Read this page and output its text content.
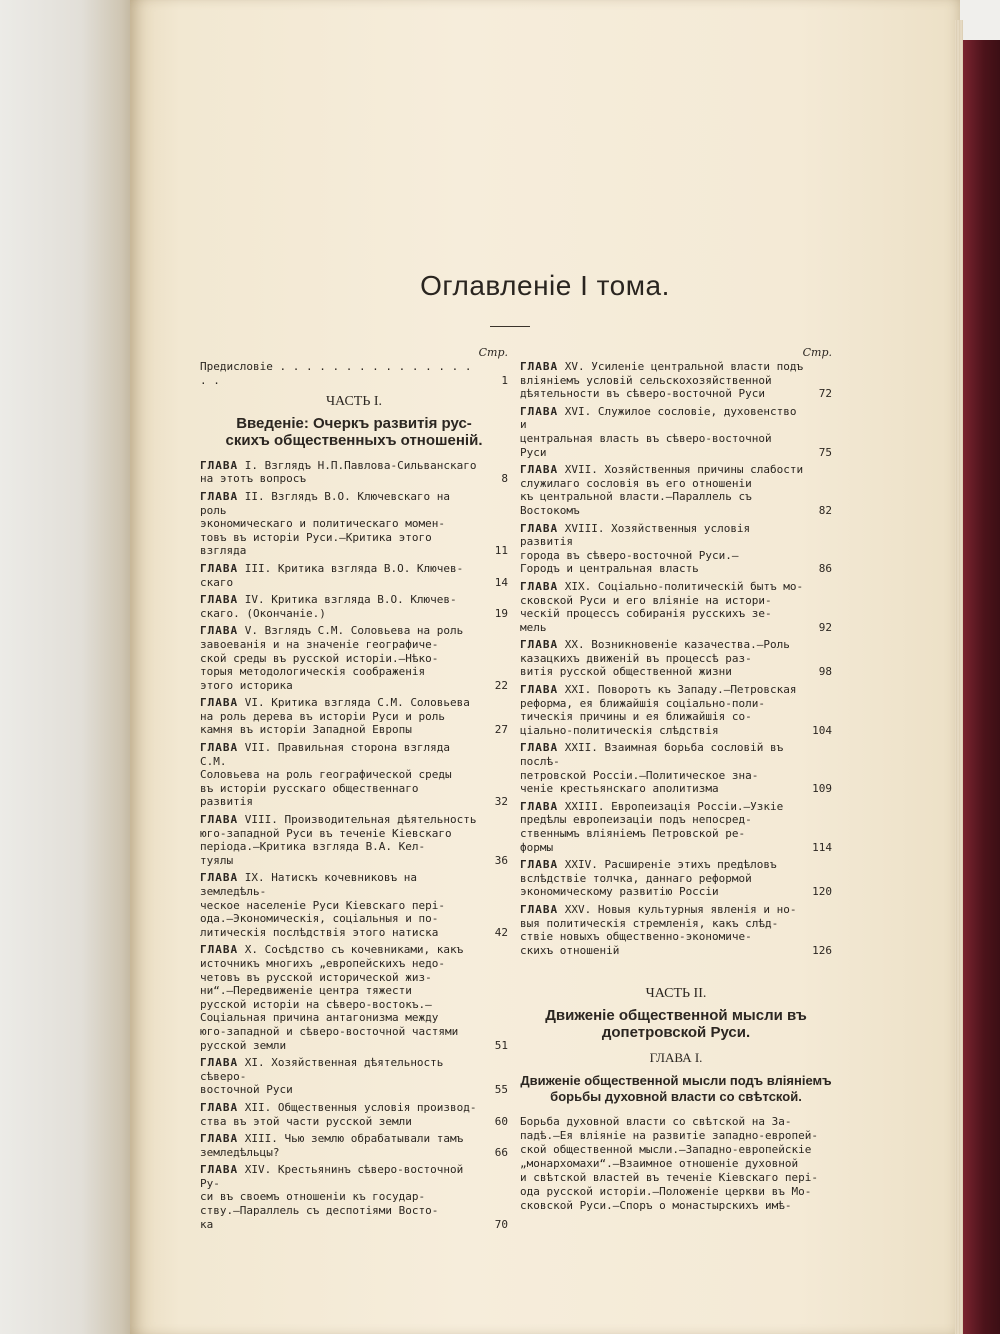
Оглавленіе I тома.
Стр.
Предисловіе . . . . . . . . . . . . . . . . .	1
ЧАСТЬ I.
Введеніе: Очеркъ развитія рус-
скихъ общественныхъ отношеній.
ГЛАВА I. Взглядъ Н.П.Павлова-Сильванскаго
на этотъ вопросъ	8
ГЛАВА II. Взглядъ В.О. Ключевскаго на роль
экономическаго и политическаго момен-
товъ въ исторіи Руси.—Критика этого
взгляда	11
ГЛАВА III. Критика взгляда В.О. Ключев-
скаго	14
ГЛАВА IV. Критика взгляда В.О. Ключев-
скаго. (Окончаніе.)	19
ГЛАВА V. Взглядъ С.М. Соловьева на роль
завоеванія и на значеніе географиче-
ской среды въ русской исторіи.—Нѣко-
торыя методологическія соображенія
этого историка	22
ГЛАВА VI. Критика взгляда С.М. Соловьева
на роль дерева въ исторіи Руси и роль
камня въ исторіи Западной Европы	27
ГЛАВА VII. Правильная сторона взгляда С.М.
Соловьева на роль географической среды
въ исторіи русскаго общественнаго
развитія	32
ГЛАВА VIII. Производительная дѣятельность
юго-западной Руси въ теченіе Кіевскаго
періода.—Критика взгляда В.А. Кел-
туялы	36
ГЛАВА IX. Натискъ кочевниковъ на земледѣль-
ческое населеніе Руси Кіевскаго пері-
ода.—Экономическія, соціальныя и по-
литическія послѣдствія этого натиска	42
ГЛАВА X. Сосѣдство съ кочевниками, какъ
источникъ многихъ „европейскихъ недо-
четовъ въ русской исторической жиз-
ни“.—Передвиженіе центра тяжести
русской исторіи на сѣверо-востокъ.—
Соціальная причина антагонизма между
юго-западной и сѣверо-восточной частями
русской земли	51
ГЛАВА XI. Хозяйственная дѣятельность сѣверо-
восточной Руси	55
ГЛАВА XII. Общественныя условія производ-
ства въ этой части русской земли	60
ГЛАВА XIII. Чью землю обрабатывали тамъ
земледѣльцы?	66
ГЛАВА XIV. Крестьянинъ сѣверо-восточной Ру-
си въ своемъ отношеніи къ государ-
ству.—Параллель съ деспотіями Восто-
ка	70
Стр.
ГЛАВА XV. Усиленіе центральной власти подъ
вліяніемъ условій сельскохозяйственной
дѣятельности въ сѣверо-восточной Руси	72
ГЛАВА XVI. Служилое сословіе, духовенство и
центральная власть въ сѣверо-восточной
Руси	75
ГЛАВА XVII. Хозяйственныя причины слабости
служилаго сословія въ его отношеніи
къ центральной власти.—Параллель съ
Востокомъ	82
ГЛАВА XVIII. Хозяйственныя условія развитія
города въ сѣверо-восточной Руси.—
Городъ и центральная власть	86
ГЛАВА XIX. Соціально-политическій бытъ мо-
сковской Руси и его вліяніе на истори-
ческій процессъ собиранія русскихъ зе-
мель	92
ГЛАВА XX. Возникновеніе казачества.—Роль
казацкихъ движеній въ процессѣ раз-
витія русской общественной жизни	98
ГЛАВА XXI. Поворотъ къ Западу.—Петровская
реформа, ея ближайшія соціально-поли-
тическія причины и ея ближайшія со-
ціально-политическія слѣдствія	104
ГЛАВА XXII. Взаимная борьба сословій въ послѣ-
петровской Россіи.—Политическое зна-
ченіе крестьянскаго аполитизма	109
ГЛАВА XXIII. Европеизація Россіи.—Узкіе
предѣлы европеизаціи подъ непосред-
ственнымъ вліяніемъ Петровской ре-
формы	114
ГЛАВА XXIV. Расширеніе этихъ предѣловъ
вслѣдствіе толчка, даннаго реформой
экономическому развитію Россіи	120
ГЛАВА XXV. Новыя культурныя явленія и но-
выя политическія стремленія, какъ слѣд-
ствіе новыхъ общественно-экономиче-
скихъ отношеній	126
ЧАСТЬ II.
Движеніе общественной мысли въ
допетровской Руси.
ГЛАВА I.
Движеніе общественной мысли подъ вліяніемъ
борьбы духовной власти со свѣтской.
Борьба духовной власти со свѣтской на За-
падѣ.—Ея вліяніе на развитіе западно-европей-
ской общественной мысли.—Западно-европейскіе
„монархомахи“.—Взаимное отношеніе духовной
и свѣтской властей въ теченіе Кіевскаго пері-
ода русской исторіи.—Положеніе церкви въ Мо-
сковской Руси.—Споръ о монастырскихъ имѣ-
